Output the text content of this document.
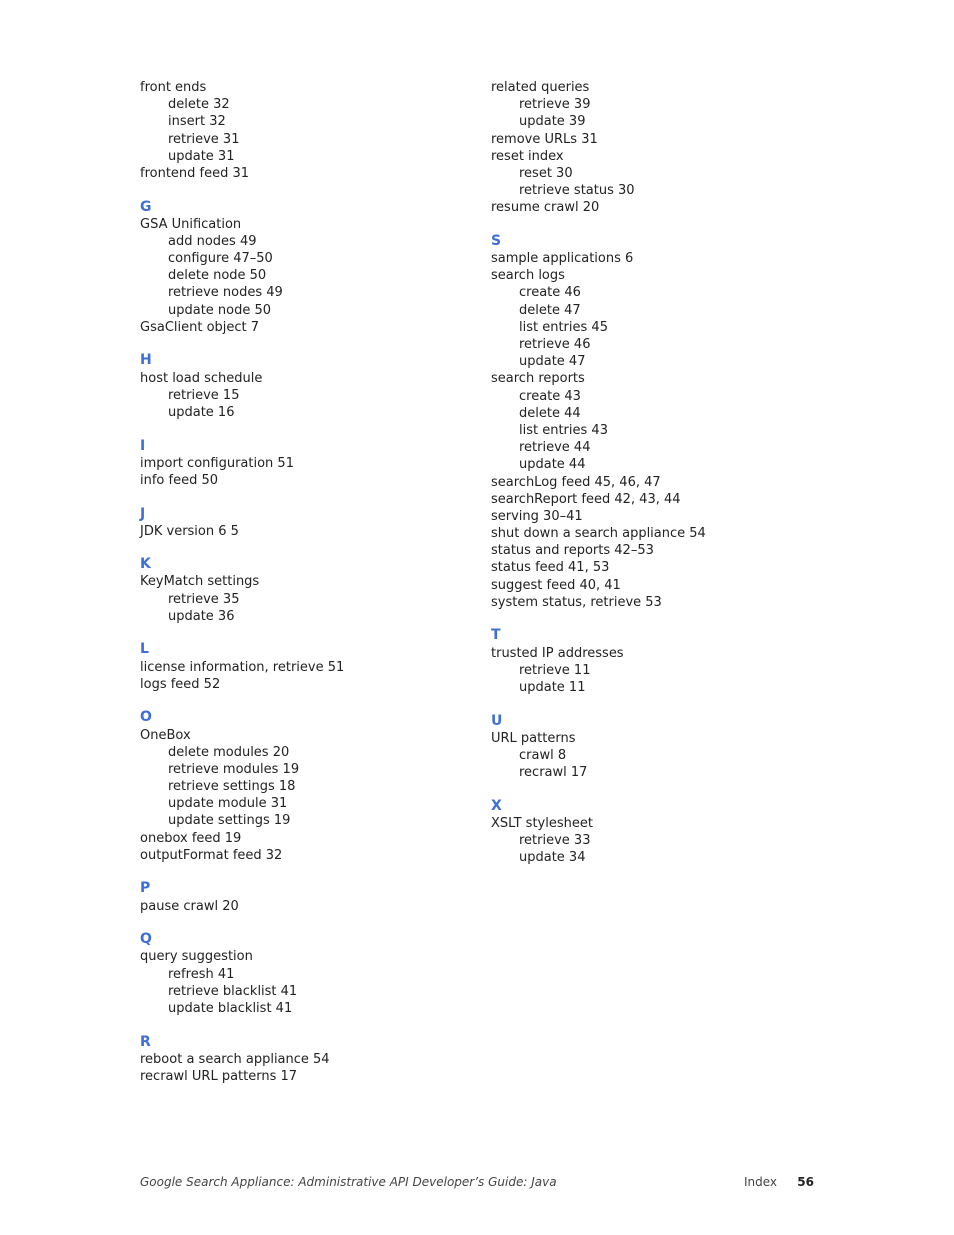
front ends
delete 32
insert 32
retrieve 31
update 31
frontend feed 31
G
GSA Unification
add nodes 49
configure 47–50
delete node 50
retrieve nodes 49
update node 50
GsaClient object 7
H
host load schedule
retrieve 15
update 16
I
import configuration 51
info feed 50
J
JDK version 6 5
K
KeyMatch settings
retrieve 35
update 36
L
license information, retrieve 51
logs feed 52
O
OneBox
delete modules 20
retrieve modules 19
retrieve settings 18
update module 31
update settings 19
onebox feed 19
outputFormat feed 32
P
pause crawl 20
Q
query suggestion
refresh 41
retrieve blacklist 41
update blacklist 41
R
reboot a search appliance 54
recrawl URL patterns 17
related queries
retrieve 39
update 39
remove URLs 31
reset index
reset 30
retrieve status 30
resume crawl 20
S
sample applications 6
search logs
create 46
delete 47
list entries 45
retrieve 46
update 47
search reports
create 43
delete 44
list entries 43
retrieve 44
update 44
searchLog feed 45, 46, 47
searchReport feed 42, 43, 44
serving 30–41
shut down a search appliance 54
status and reports 42–53
status feed 41, 53
suggest feed 40, 41
system status, retrieve 53
T
trusted IP addresses
retrieve 11
update 11
U
URL patterns
crawl 8
recrawl 17
X
XSLT stylesheet
retrieve 33
update 34
Google Search Appliance: Administrative API Developer’s Guide: Java	Index 56
